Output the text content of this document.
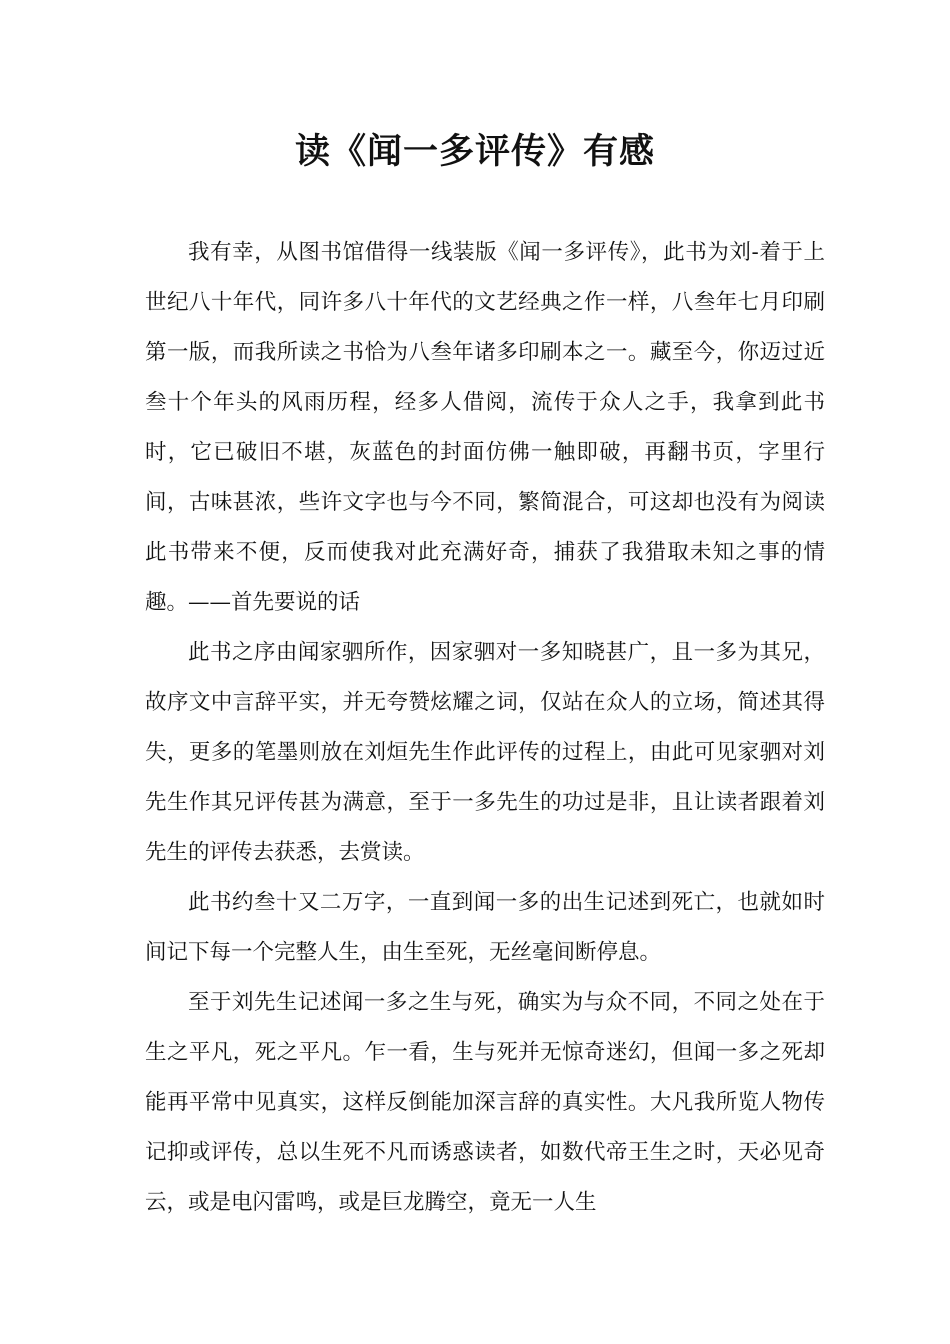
读《闻一多评传》有感

我有幸，从图书馆借得一线装版《闻一多评传》，此书为刘-着于上世纪八十年代，同许多八十年代的文艺经典之作一样，八叁年七月印刷第一版，而我所读之书恰为八叁年诸多印刷本之一。藏至今，你迈过近叁十个年头的风雨历程，经多人借阅，流传于众人之手，我拿到此书时，它已破旧不堪，灰蓝色的封面仿佛一触即破，再翻书页，字里行间，古味甚浓，些许文字也与今不同，繁简混合，可这却也没有为阅读此书带来不便，反而使我对此充满好奇，捕获了我猎取未知之事的情趣。——首先要说的话

此书之序由闻家驷所作，因家驷对一多知晓甚广，且一多为其兄，故序文中言辞平实，并无夸赞炫耀之词，仅站在众人的立场，简述其得失，更多的笔墨则放在刘烜先生作此评传的过程上，由此可见家驷对刘先生作其兄评传甚为满意，至于一多先生的功过是非，且让读者跟着刘先生的评传去获悉，去赏读。

此书约叁十又二万字，一直到闻一多的出生记述到死亡，也就如时间记下每一个完整人生，由生至死，无丝毫间断停息。

至于刘先生记述闻一多之生与死，确实为与众不同，不同之处在于生之平凡，死之平凡。乍一看，生与死并无惊奇迷幻，但闻一多之死却能再平常中见真实，这样反倒能加深言辞的真实性。大凡我所览人物传记抑或评传，总以生死不凡而诱惑读者，如数代帝王生之时，天必见奇云，或是电闪雷鸣，或是巨龙腾空，竟无一人生
